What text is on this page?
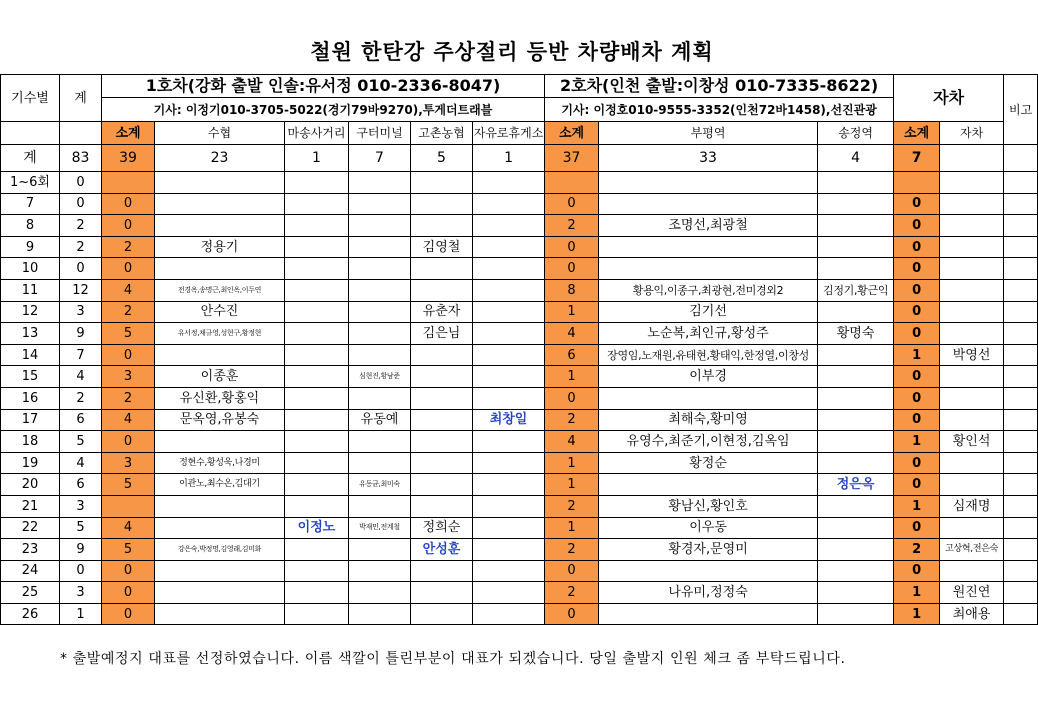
철원 한탄강 주상절리 등반 차량배차 계획
기수별	계	1호차(강화 출발 인솔:유서정 010-2336-8047)						2호차(인천 출발:이창성 010-7335-8622)			자차		비고
		기사: 이정기010-3705-5022(경기79바9270),투게더트래블						기사: 이정호010-9555-3352(인천72바1458),선진관광					
		소계	수협	마송사거리	구터미널	고촌농협	자유로휴게소	소계	부평역	송정역	소계	자차	
계	83	39	23	1	7	5	1	37	33	4	7		
1~6회	0												
7	0	0						0			0		
8	2	0						2	조명선,최광철		0		
9	2	2	정용기			김영철		0			0		
10	0	0						0			0		
11	12	4	전경옥,송명근,최인옥,이두연					8	황용익,이종구,최광현,전미경외2	김정기,황근익	0		
12	3	2	안수진			유춘자		1	김기선		0		
13	9	5	유서정,채규영,성현구,황정현			김은님		4	노순복,최인규,황성주	황명숙	0		
14	7	0						6	장영임,노재원,유태현,황태익,한정열,이창성		1	박영선	
15	4	3	이종훈		심현진,황남준			1	이부경		0		
16	2	2	유신환,황홍익					0			0		
17	6	4	문옥영,유봉숙		유동예		최창일	2	최해숙,황미영		0		
18	5	0						4	유영수,최준기,이현정,김옥임		1	황인석	
19	4	3	정현수,황성욱,나경미					1	황정순		0		
20	6	5	이관노,최수온,김대기		유동균,최미숙			1		정은옥	0		
21	3							2	황남신,황인호		1	심재명	
22	5	4		이정노	박재민,전계철	정희순		1	이우동		0		
23	9	5	강은숙,박정명,김영래,김미화			안성훈		2	황경자,문영미		2	고상혁,전은숙	
24	0	0						0			0		
25	3	0						2	나유미,정정숙		1	원진연	
26	1	0						0			1	최애용	
* 출발예정지 대표를 선정하였습니다. 이름 색깔이 틀린부분이 대표가 되겠습니다. 당일 출발지 인원 체크 좀 부탁드립니다.
